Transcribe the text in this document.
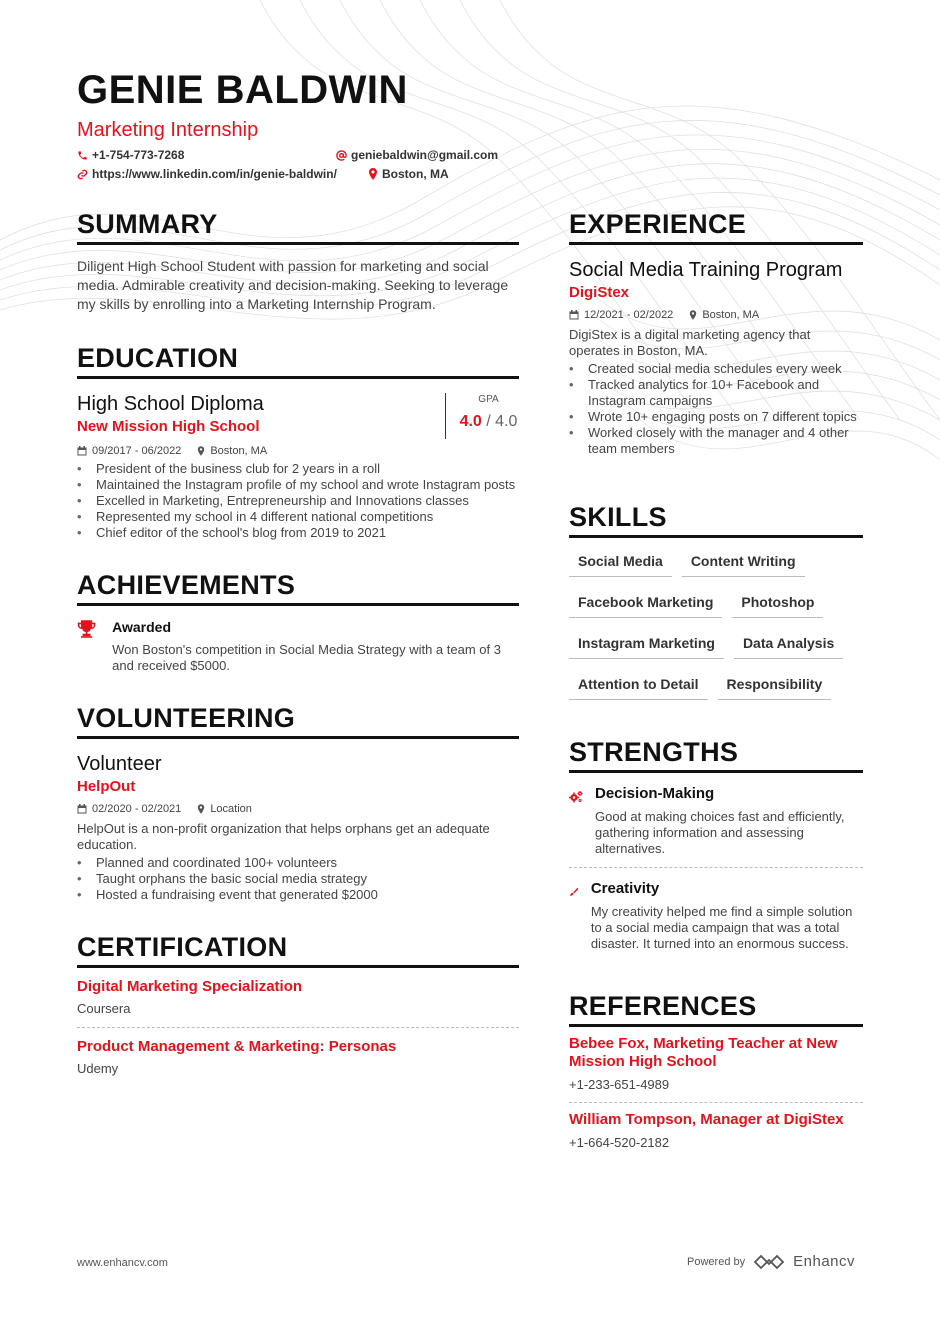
GENIE BALDWIN
Marketing Internship
+1-754-773-7268	geniebaldwin@gmail.com
https://www.linkedin.com/in/genie-baldwin/	Boston, MA
SUMMARY
Diligent High School Student with passion for marketing and social media. Admirable creativity and decision-making. Seeking to leverage my skills by enrolling into a Marketing Internship Program.
EDUCATION
High School Diploma
New Mission High School
GPA
4.0 / 4.0
09/2017 - 06/2022	Boston, MA
• President of the business club for 2 years in a roll
• Maintained the Instagram profile of my school and wrote Instagram posts
• Excelled in Marketing, Entrepreneurship and Innovations classes
• Represented my school in 4 different national competitions
• Chief editor of the school's blog from 2019 to 2021
ACHIEVEMENTS
Awarded
Won Boston's competition in Social Media Strategy with a team of 3 and received $5000.
VOLUNTEERING
Volunteer
HelpOut
02/2020 - 02/2021	Location
HelpOut is a non-profit organization that helps orphans get an adequate education.
• Planned and coordinated 100+ volunteers
• Taught orphans the basic social media strategy
• Hosted a fundraising event that generated $2000
CERTIFICATION
Digital Marketing Specialization
Coursera
Product Management & Marketing: Personas
Udemy
EXPERIENCE
Social Media Training Program
DigiStex
12/2021 - 02/2022	Boston, MA
DigiStex is a digital marketing agency that operates in Boston, MA.
• Created social media schedules every week
• Tracked analytics for 10+ Facebook and Instagram campaigns
• Wrote 10+ engaging posts on 7 different topics
• Worked closely with the manager and 4 other team members
SKILLS
Social Media	Content Writing
Facebook Marketing	Photoshop
Instagram Marketing	Data Analysis
Attention to Detail	Responsibility
STRENGTHS
Decision-Making
Good at making choices fast and efficiently, gathering information and assessing alternatives.
Creativity
My creativity helped me find a simple solution to a social media campaign that was a total disaster. It turned into an enormous success.
REFERENCES
Bebee Fox, Marketing Teacher at New Mission High School
+1-233-651-4989
William Tompson, Manager at DigiStex
+1-664-520-2182
www.enhancv.com	Powered by	Enhancv
